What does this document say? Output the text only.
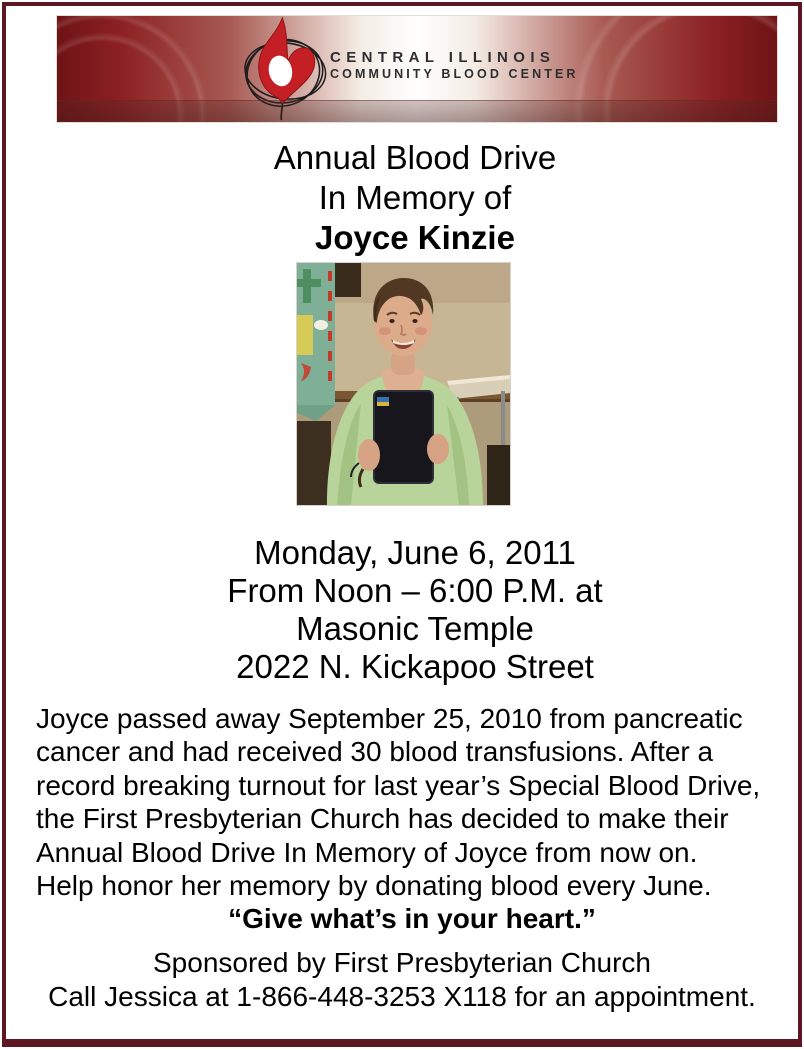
CENTRAL ILLINOIS
COMMUNITY BLOOD CENTER
Annual Blood Drive
In Memory of
Joyce Kinzie
Monday, June 6, 2011
From Noon – 6:00 P.M. at
Masonic Temple
2022 N. Kickapoo Street
Joyce passed away September 25, 2010 from pancreatic
cancer and had received 30 blood transfusions. After a
record breaking turnout for last year’s Special Blood Drive,
the First Presbyterian Church has decided to make their
Annual Blood Drive In Memory of Joyce from now on.
Help honor her memory by donating blood every June.
“Give what’s in your heart.”
Sponsored by First Presbyterian Church
Call Jessica at 1-866-448-3253 X118 for an appointment.
